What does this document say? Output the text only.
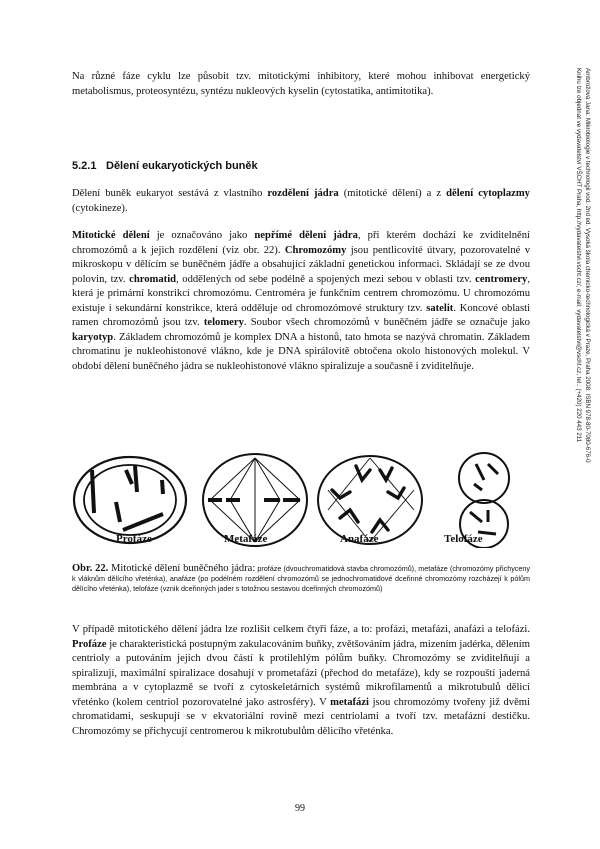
Ambrožová Jana: Mikrobiologie v technologii vod. 2nd ed. Vysoká škola chemicko-technologická v Praze, Praha 2008. ISBN 978-80-7080-676-0
Knihu lze objednat ve vydavatelství VŠCHT Praha, http://vydavatelstvi.vscht.cz/, e-mail: vydavatelstvi@vscht.cz, tel.: (+420) 220 443 211

Na různé fáze cyklu lze působit tzv. mitotickými inhibitory, které mohou inhibovat energetický metabolismus, proteosyntézu, syntézu nukleových kyselin (cytostatika, antimitotika).

5.2.1 Dělení eukaryotických buněk

Dělení buněk eukaryot sestává z vlastního rozdělení jádra (mitotické dělení) a z dělení cytoplazmy (cytokineze).

Mitotické dělení je označováno jako nepřímé dělení jádra, při kterém dochází ke zviditelnění chromozómů a k jejich rozdělení (viz obr. 22). Chromozómy jsou pentlicovité útvary, pozorovatelné v mikroskopu v dělícím se buněčném jádře a obsahující základní genetickou informaci. Skládají se ze dvou polovin, tzv. chromatid, oddělených od sebe podélně a spojených mezi sebou v oblasti tzv. centromery, která je primární konstrikcí chromozómu. Centroméra je funkčním centrem chromozómu. U chromozómu existuje i sekundární konstrikce, která odděluje od chromozómové struktury tzv. satelit. Koncové oblasti ramen chromozómů jsou tzv. telomery. Soubor všech chromozómů v buněčném jádře se označuje jako karyotyp. Základem chromozómů je komplex DNA a histonů, tato hmota se nazývá chromatin. Základem chromatinu je nukleohistonové vlákno, kde je DNA spirálovitě obtočena okolo histonových molekul. V období dělení buněčného jádra se nukleohistonové vlákno spiralizuje a současně i zviditelňuje.

Profáze	Metafáze	Anafáze	Telofáze
Obr. 22. Mitotické dělení buněčného jádra: profáze (dvouchromatidová stavba chromozómů), metafáze (chromozómy přichyceny k vláknům dělícího vřeténka), anafáze (po podélném rozdělení chromozómů se jednochromatidové dceřinné chromozómy rozcházejí k pólům dělícího vřeténka), telofáze (vznik dceřinných jader s totožnou sestavou dceřinných chromozómů)

V případě mitotického dělení jádra lze rozlišit celkem čtyři fáze, a to: profázi, metafázi, anafázi a telofázi. Profáze je charakteristická postupným zakulacováním buňky, zvětšováním jádra, mizením jadérka, dělením centrioly a putováním jejich dvou částí k protilehlým pólům buňky. Chromozómy se zviditelňují a spiralizují, maximální spiralizace dosahují v prometafázi (přechod do metafáze), kdy se rozpouští jaderná membrána a v cytoplazmě se tvoří z cytoskeletárních systémů mikrofilamentů a mikrotubulů dělicí vřeténko (kolem centriol pozorovatelné jako astrosféry). V metafázi jsou chromozómy tvořeny již dvěmi chromatidami, seskupují se v ekvatoriální rovině mezi centriolami a tvoří tzv. metafázní destičku. Chromozómy se přichycují centromerou k mikrotubulům dělicího vřeténka.

99
